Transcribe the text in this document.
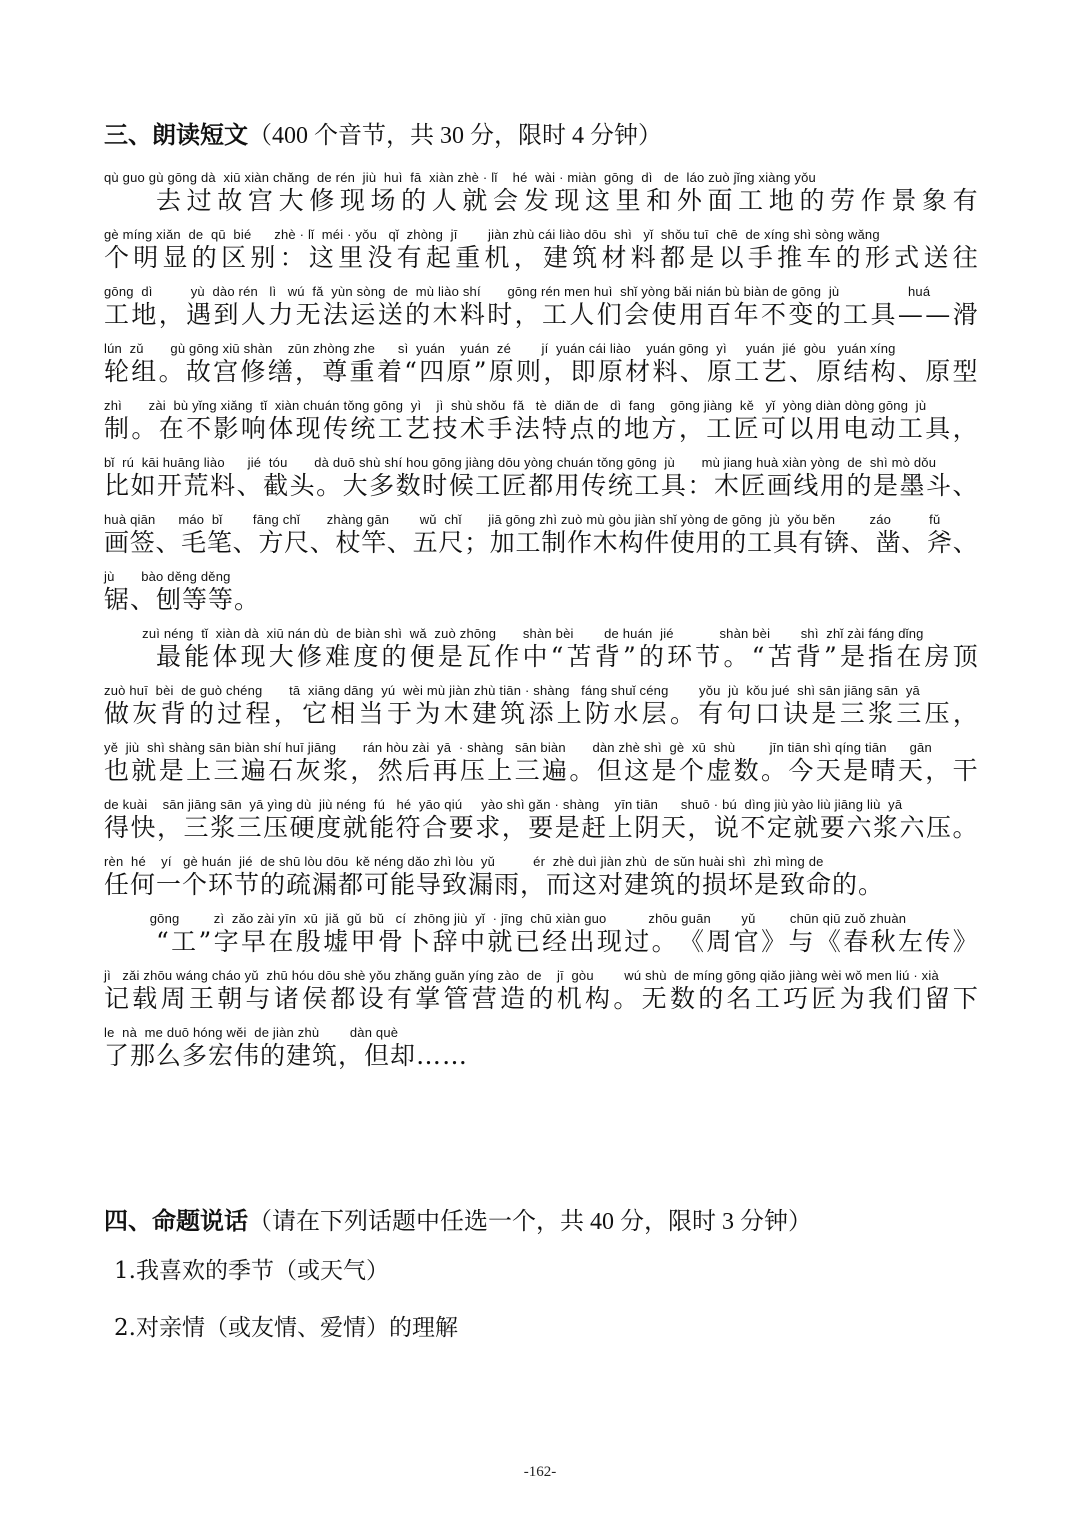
三、朗读短文（400 个音节，共 30 分，限时 4 分钟）
qù guo gù gōng dà  xiū xiàn chǎng  de rén  jiù  huì  fā  xiàn zhè · lǐ    hé  wài · miàn  gōng  dì   de  láo zuò jǐng xiàng yǒu
去 过 故 宫 大 修 现 场 的 人 就 会 发 现 这 里 和 外 面 工 地 的 劳 作 景 象 有
gè míng xiǎn  de  qū  bié      zhè · lǐ  méi · yǒu   qǐ  zhòng  jī        jiàn zhù cái liào dōu  shì   yǐ  shǒu tuī  chē  de xíng shì sòng wǎng
个 明 显 的 区 别 ： 这 里 没 有 起 重 机 ， 建 筑 材 料 都 是 以 手 推 车 的 形 式 送 往
gōng  dì          yù  dào rén   lì   wú  fǎ  yùn sòng  de  mù liào shí       gōng rén men huì  shǐ yòng bǎi nián bù biàn de gōng  jù                  huá
工 地 ， 遇 到 人 力 无 法 运 送 的 木 料 时 ， 工 人 们 会 使 用 百 年 不 变 的 工 具 — — 滑
lún  zǔ       gù gōng xiū shàn    zūn zhòng zhe      sì  yuán    yuán  zé        jí  yuán cái liào    yuán gōng  yì     yuán  jié  gòu   yuán xíng
轮 组 。 故 宫 修 缮 ， 尊 重 着 “ 四 原 ” 原 则 ， 即 原 材 料 、 原 工 艺 、 原 结 构 、 原 型
zhì       zài  bù yǐng xiǎng  tǐ  xiàn chuán tǒng gōng  yì    jì  shù shǒu  fǎ   tè  diǎn de   dì  fang    gōng jiàng  kě   yǐ  yòng diàn dòng gōng  jù
制 。 在 不 影 响 体 现 传 统 工 艺 技 术 手 法 特 点 的 地 方 ， 工 匠 可 以 用 电 动 工 具 ，
bǐ  rú  kāi huāng liào      jié  tóu       dà duō shù shí hou gōng jiàng dōu yòng chuán tǒng gōng  jù       mù jiang huà xiàn yòng  de  shì mò dǒu
比 如 开 荒 料 、 截 头 。 大 多 数 时 候 工 匠 都 用 传 统 工 具 ： 木 匠 画 线 用 的 是 墨 斗 、
huà qiān      máo  bǐ        fāng chǐ       zhàng gān        wǔ  chǐ       jiā gōng zhì zuò mù gòu jiàn shǐ yòng de gōng  jù  yǒu běn         záo          fǔ
画 签 、 毛 笔 、 方 尺 、 杖 竿 、 五 尺 ； 加 工 制 作 木 构 件 使 用 的 工 具 有 锛 、 凿 、 斧 、
jù       bào děng děng
锯、刨等等。
zuì néng  tǐ  xiàn dà  xiū nán dù  de biàn shì  wǎ  zuò zhōng       shàn bèi        de huán  jié            shàn bèi        shì  zhǐ zài fáng dǐng
最 能 体 现 大 修 难 度 的 便 是 瓦 作 中 “ 苫 背 ” 的 环 节 。 “ 苫 背 ” 是 指 在 房 顶
zuò huī  bèi  de guò chéng       tā  xiāng dāng  yú  wèi mù jiàn zhù tiān · shàng   fáng shuǐ céng        yǒu  jù  kǒu jué  shì sān jiāng sān  yā
做 灰 背 的 过 程 ， 它 相 当 于 为 木 建 筑 添 上 防 水 层 。 有 句 口 诀 是 三 浆 三 压 ，
yě  jiù  shì shàng sān biàn shí huī jiāng       rán hòu zài  yā  · shàng   sān biàn       dàn zhè shì  gè  xū  shù         jīn tiān shì qíng tiān      gān
也 就 是 上 三 遍 石 灰 浆 ， 然 后 再 压 上 三 遍 。 但 这 是 个 虚 数 。 今 天 是 晴 天 ， 干
de kuài    sān jiāng sān  yā yìng dù  jiù néng  fú   hé  yāo qiú     yào shì gǎn · shàng    yīn tiān      shuō · bú  dìng jiù yào liù jiāng liù  yā
得 快 ， 三 浆 三 压 硬 度 就 能 符 合 要 求 ， 要 是 赶 上 阴 天 ， 说 不 定 就 要 六 浆 六 压 。
rèn  hé    yí   gè huán  jié  de shū lòu dōu  kě néng dǎo zhì lòu  yǔ          ér  zhè duì jiàn zhù  de sǔn huài shì  zhì mìng de
任何一个环节的疏漏都可能导致漏雨，而这对建筑的损坏是致命的。
gōng         zì  zǎo zài yīn  xū  jiǎ  gǔ  bǔ   cí  zhōng jiù  yǐ  · jīng  chū xiàn guo           zhōu guān        yǔ         chūn qiū zuǒ zhuàn
“ 工 ” 字 早 在 殷 墟 甲 骨 卜 辞 中 就 已 经 出 现 过 。 《 周 官 》 与 《 春 秋 左 传 》
jì   zǎi zhōu wáng cháo yǔ  zhū hóu dōu shè yǒu zhǎng guǎn yíng zào  de    jī  gòu        wú shù  de míng gōng qiǎo jiàng wèi wǒ men liú · xià
记 载 周 王 朝 与 诸 侯 都 设 有 掌 管 营 造 的 机 构 。 无 数 的 名 工 巧 匠 为 我 们 留 下
le  nà  me duō hóng wěi  de jiàn zhù        dàn què
了那么多宏伟的建筑，但却……
四、命题说话（请在下列话题中任选一个，共 40 分，限时 3 分钟）

1.我喜欢的季节（或天气）

2.对亲情（或友情、爱情）的理解

-162-
